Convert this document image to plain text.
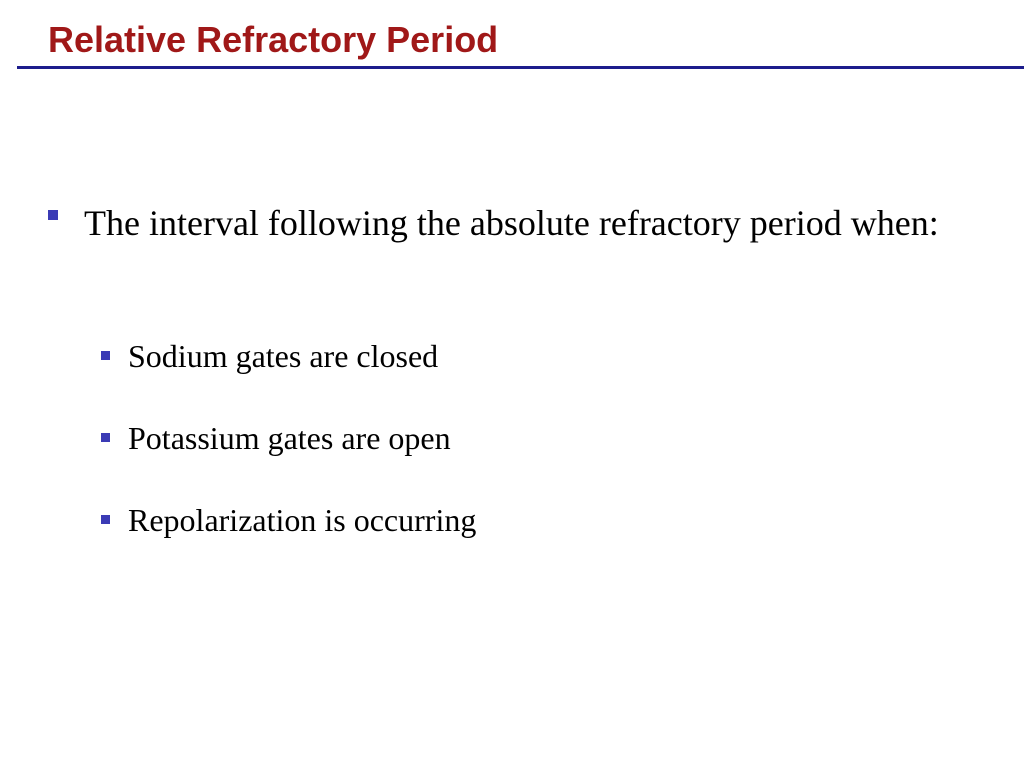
Relative Refractory Period

The interval following the absolute refractory period when:

Sodium gates are closed

Potassium gates are open

Repolarization is occurring
